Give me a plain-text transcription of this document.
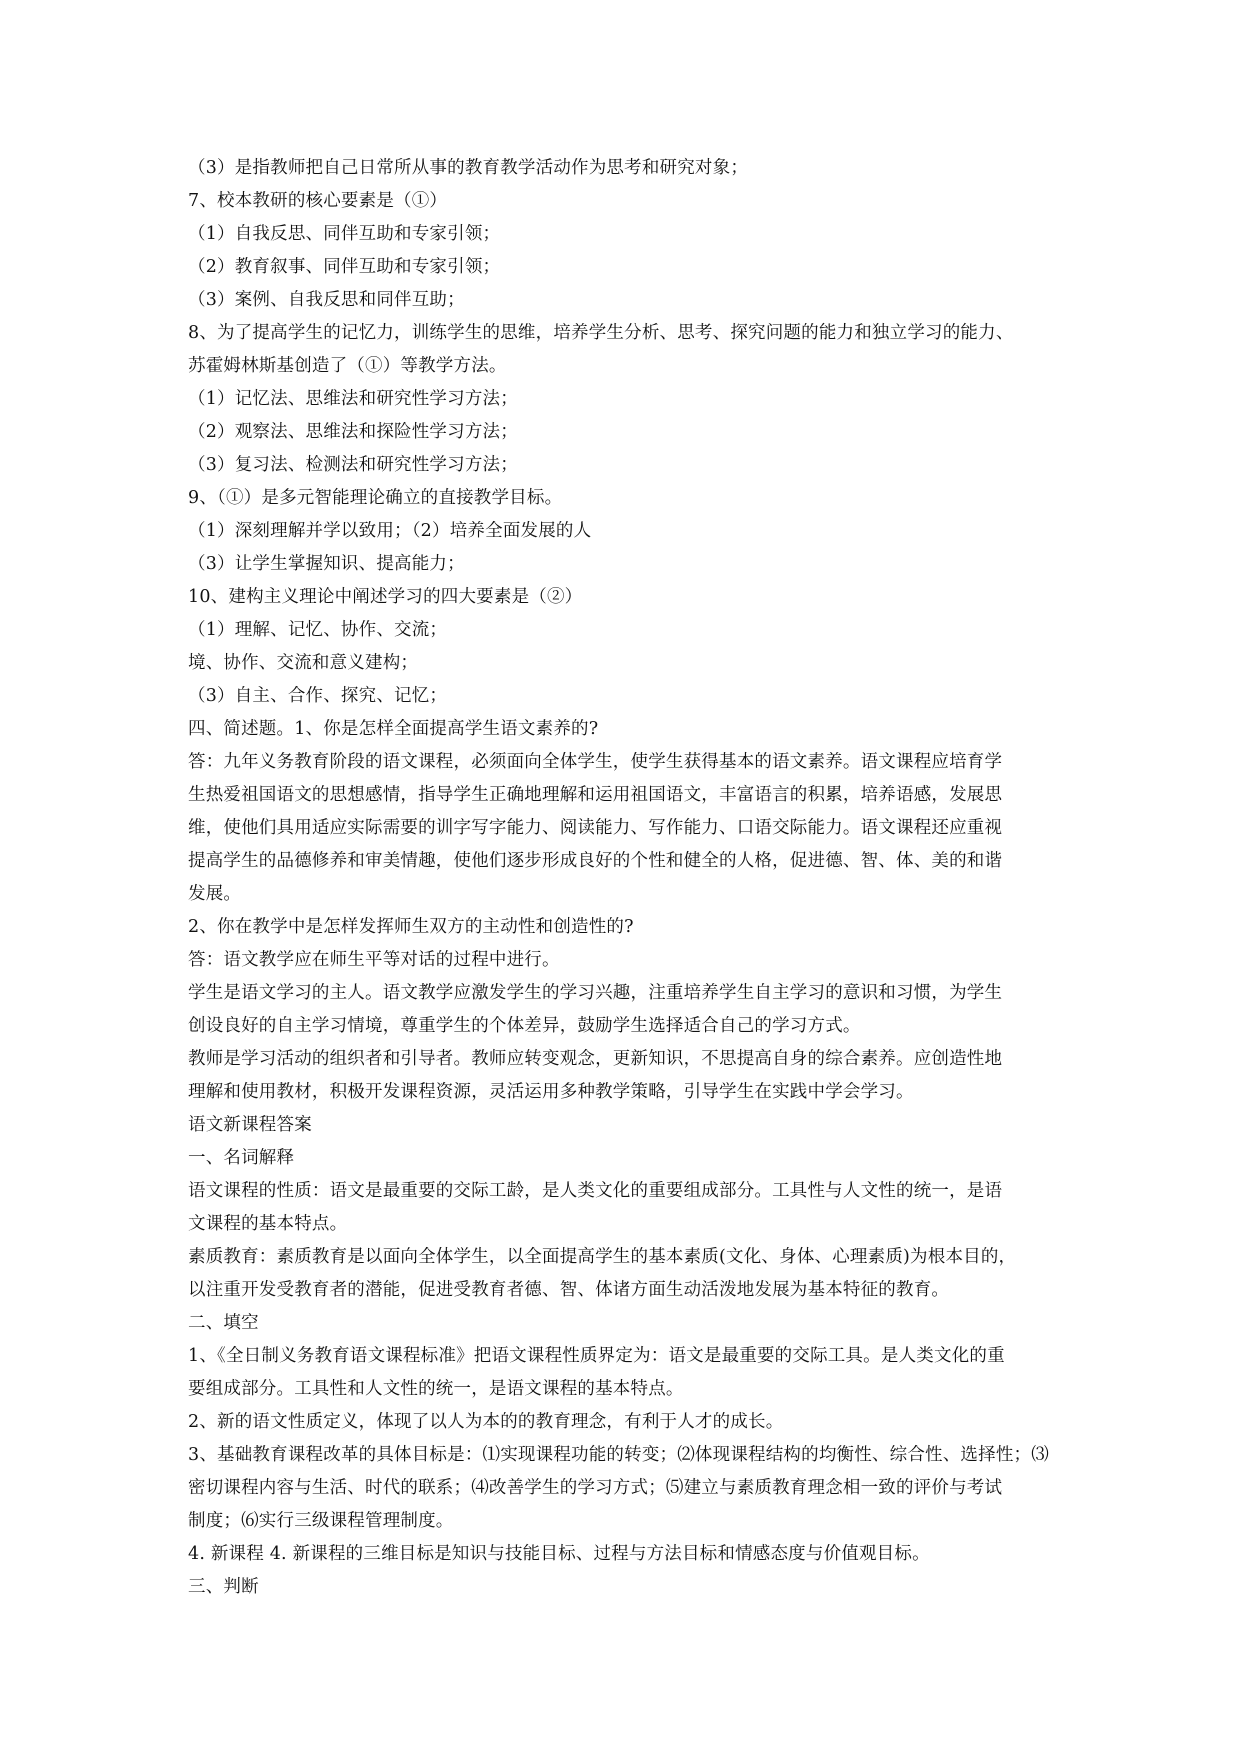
（3）是指教师把自己日常所从事的教育教学活动作为思考和研究对象；
7、校本教研的核心要素是（①）
（1）自我反思、同伴互助和专家引领；
（2）教育叙事、同伴互助和专家引领；
（3）案例、自我反思和同伴互助；
8、为了提高学生的记忆力，训练学生的思维，培养学生分析、思考、探究问题的能力和独立学习的能力、
苏霍姆林斯基创造了（①）等教学方法。
（1）记忆法、思维法和研究性学习方法；
（2）观察法、思维法和探险性学习方法；
（3）复习法、检测法和研究性学习方法；
9、（①）是多元智能理论确立的直接教学目标。
（1）深刻理解并学以致用；（2）培养全面发展的人
（3）让学生掌握知识、提高能力；
10、建构主义理论中阐述学习的四大要素是（②）
（1）理解、记忆、协作、交流；
境、协作、交流和意义建构；
（3）自主、合作、探究、记忆；
四、简述题。1、你是怎样全面提高学生语文素养的?
答：九年义务教育阶段的语文课程，必须面向全体学生，使学生获得基本的语文素养。语文课程应培育学
生热爱祖国语文的思想感情，指导学生正确地理解和运用祖国语文，丰富语言的积累，培养语感，发展思
维，使他们具用适应实际需要的训字写字能力、阅读能力、写作能力、口语交际能力。语文课程还应重视
提高学生的品德修养和审美情趣，使他们逐步形成良好的个性和健全的人格，促进德、智、体、美的和谐
发展。
2、你在教学中是怎样发挥师生双方的主动性和创造性的?
答：语文教学应在师生平等对话的过程中进行。
学生是语文学习的主人。语文教学应激发学生的学习兴趣，注重培养学生自主学习的意识和习惯，为学生
创设良好的自主学习情境，尊重学生的个体差异，鼓励学生选择适合自己的学习方式。
教师是学习活动的组织者和引导者。教师应转变观念，更新知识，不思提高自身的综合素养。应创造性地
理解和使用教材，积极开发课程资源，灵活运用多种教学策略，引导学生在实践中学会学习。
语文新课程答案
一、名词解释
语文课程的性质：语文是最重要的交际工龄，是人类文化的重要组成部分。工具性与人文性的统一，是语
文课程的基本特点。
素质教育：素质教育是以面向全体学生，以全面提高学生的基本素质(文化、身体、心理素质)为根本目的，
以注重开发受教育者的潜能，促进受教育者德、智、体诸方面生动活泼地发展为基本特征的教育。
二、填空
1、《全日制义务教育语文课程标准》把语文课程性质界定为：语文是最重要的交际工具。是人类文化的重
要组成部分。工具性和人文性的统一，是语文课程的基本特点。
2、新的语文性质定义，体现了以人为本的的教育理念，有利于人才的成长。
3、基础教育课程改革的具体目标是：⑴实现课程功能的转变；⑵体现课程结构的均衡性、综合性、选择性；⑶
密切课程内容与生活、时代的联系；⑷改善学生的学习方式；⑸建立与素质教育理念相一致的评价与考试
制度；⑹实行三级课程管理制度。
4. 新课程 4. 新课程的三维目标是知识与技能目标、过程与方法目标和情感态度与价值观目标。
三、判断
